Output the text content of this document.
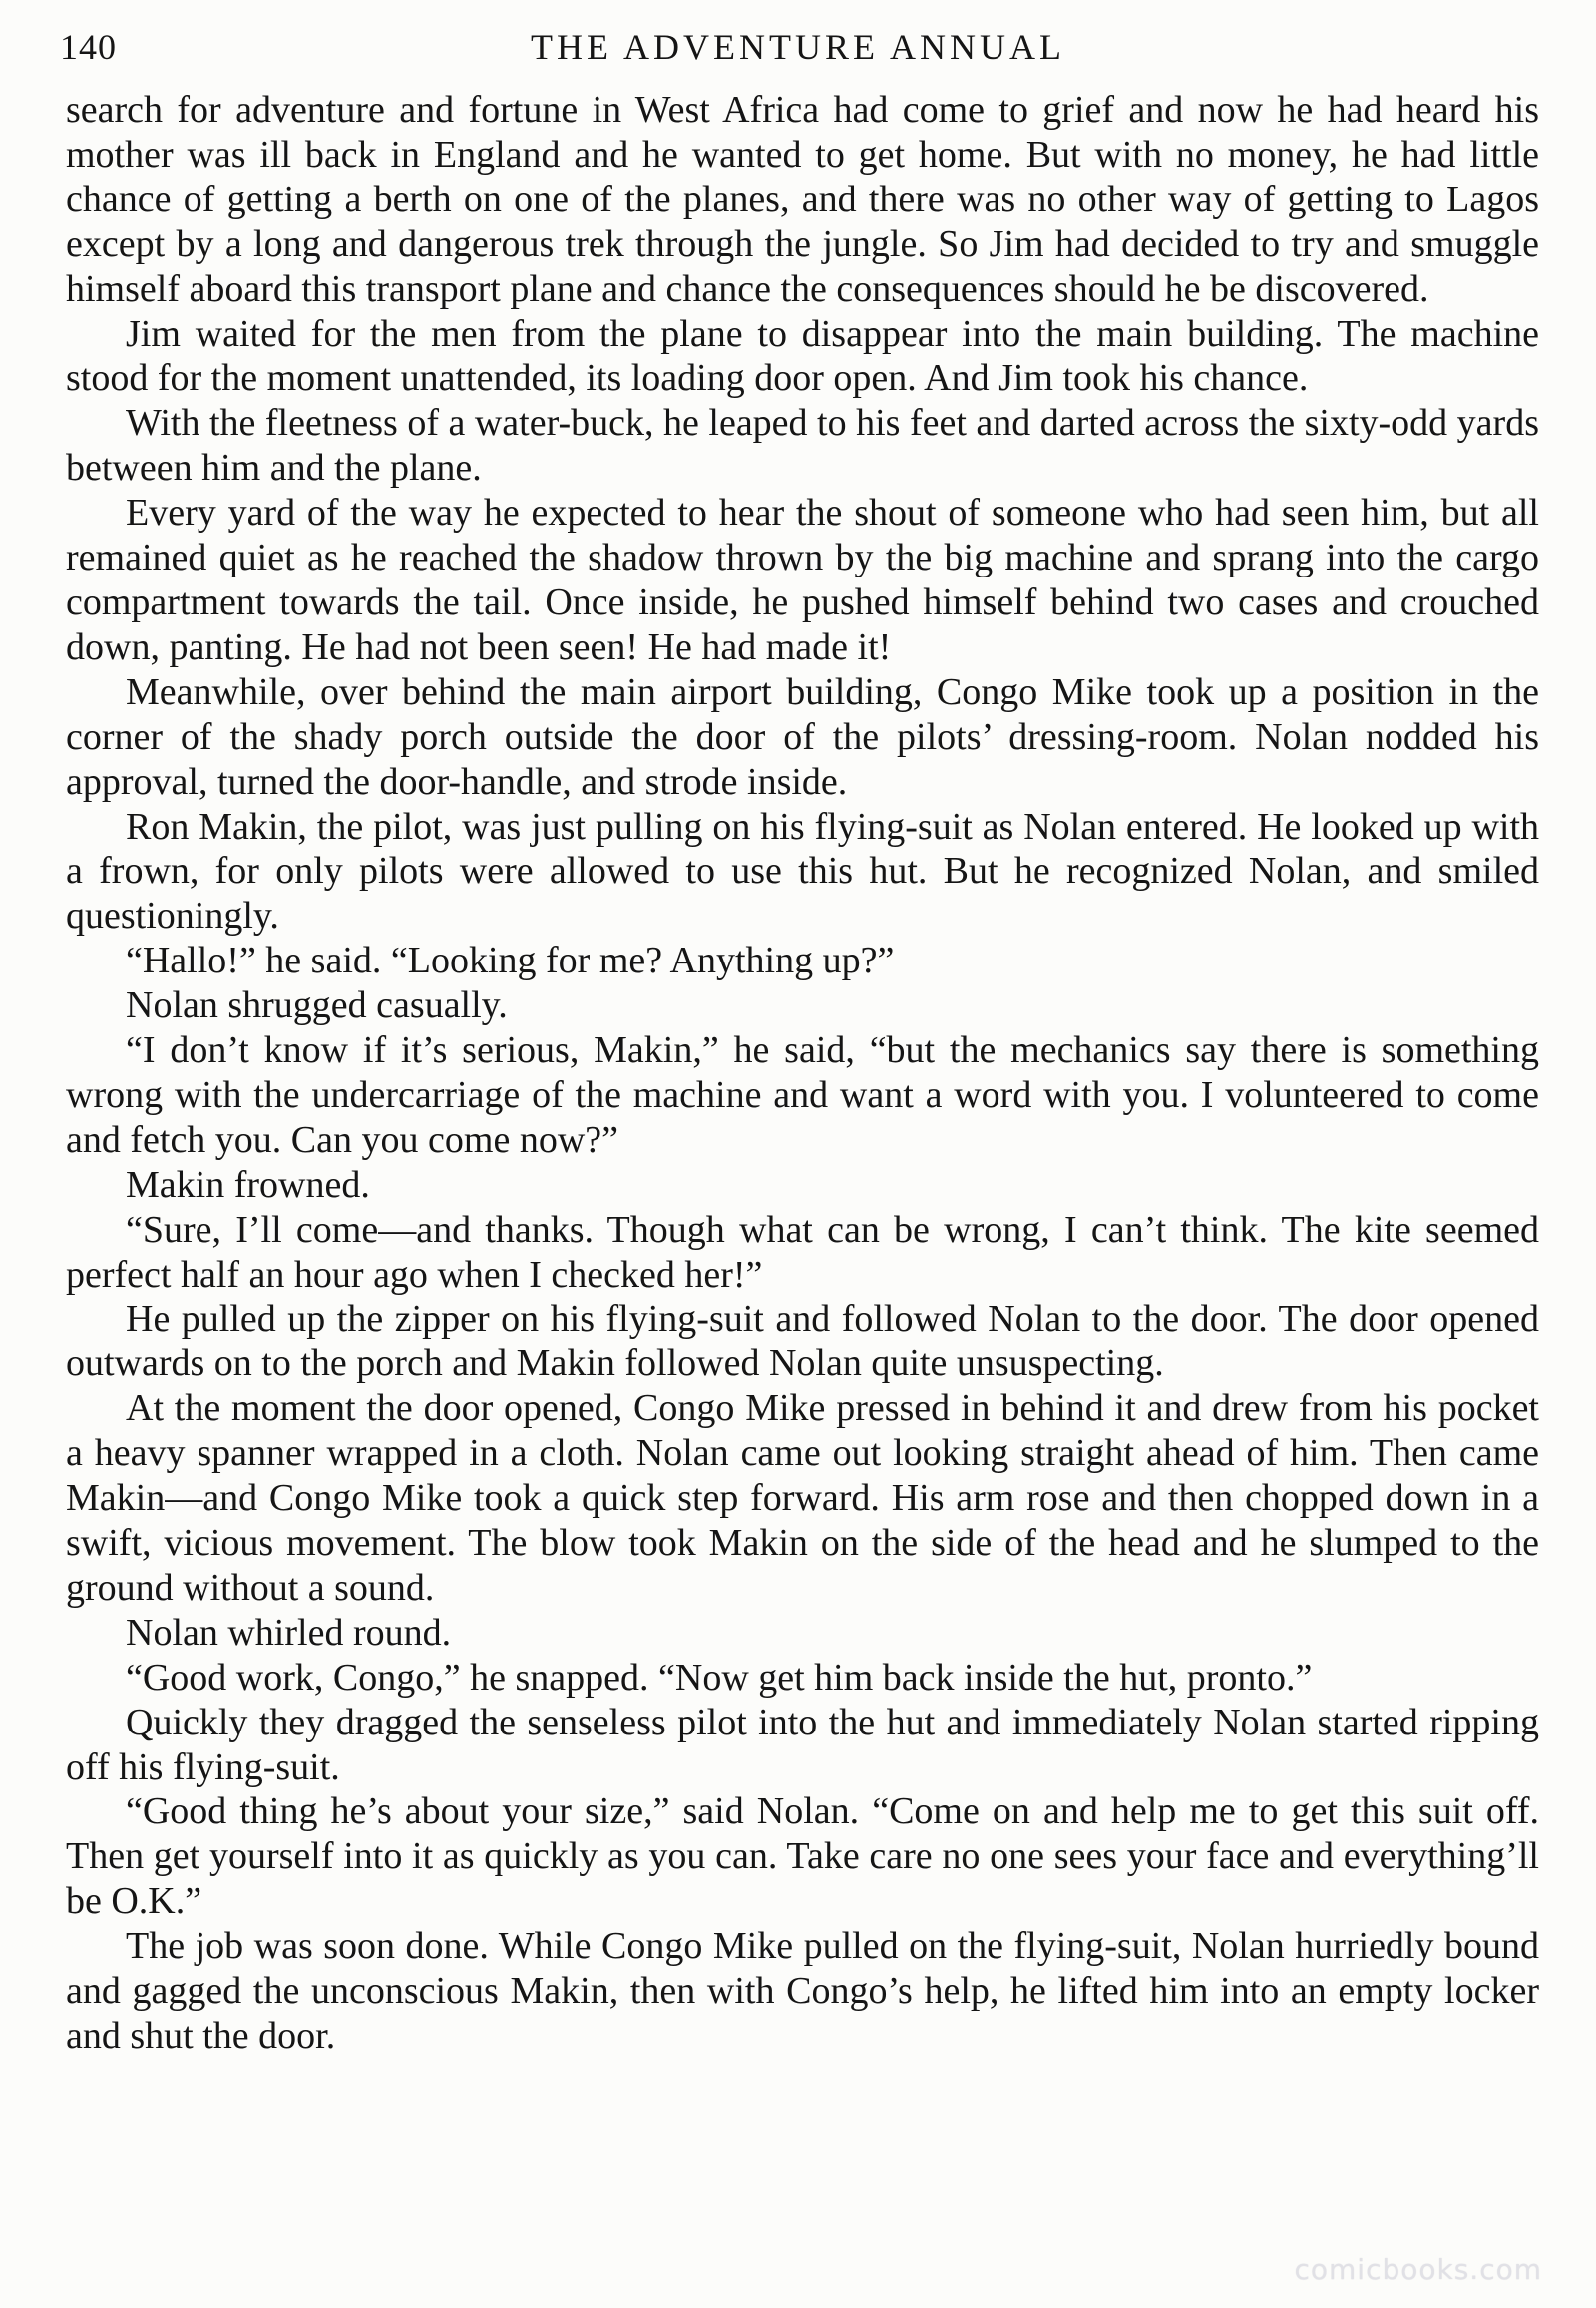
140	THE ADVENTURE ANNUAL

search for adventure and fortune in West Africa had come to grief and now he had heard his mother was ill back in England and he wanted to get home. But with no money, he had little chance of getting a berth on one of the planes, and there was no other way of getting to Lagos except by a long and dangerous trek through the jungle. So Jim had decided to try and smuggle himself aboard this transport plane and chance the consequences should he be discovered.

Jim waited for the men from the plane to disappear into the main building. The machine stood for the moment unattended, its loading door open. And Jim took his chance.

With the fleetness of a water-buck, he leaped to his feet and darted across the sixty-odd yards between him and the plane.

Every yard of the way he expected to hear the shout of someone who had seen him, but all remained quiet as he reached the shadow thrown by the big machine and sprang into the cargo compartment towards the tail. Once inside, he pushed himself behind two cases and crouched down, panting. He had not been seen! He had made it!

Meanwhile, over behind the main airport building, Congo Mike took up a position in the corner of the shady porch outside the door of the pilots’ dressing-room. Nolan nodded his approval, turned the door-handle, and strode inside.

Ron Makin, the pilot, was just pulling on his flying-suit as Nolan entered. He looked up with a frown, for only pilots were allowed to use this hut. But he recognized Nolan, and smiled questioningly.

“Hallo!” he said. “Looking for me? Anything up?”

Nolan shrugged casually.

“I don’t know if it’s serious, Makin,” he said, “but the mechanics say there is something wrong with the undercarriage of the machine and want a word with you. I volunteered to come and fetch you. Can you come now?”

Makin frowned.

“Sure, I’ll come—and thanks. Though what can be wrong, I can’t think. The kite seemed perfect half an hour ago when I checked her!”

He pulled up the zipper on his flying-suit and followed Nolan to the door. The door opened outwards on to the porch and Makin followed Nolan quite unsuspecting.

At the moment the door opened, Congo Mike pressed in behind it and drew from his pocket a heavy spanner wrapped in a cloth. Nolan came out looking straight ahead of him. Then came Makin—and Congo Mike took a quick step forward. His arm rose and then chopped down in a swift, vicious movement. The blow took Makin on the side of the head and he slumped to the ground without a sound.

Nolan whirled round.

“Good work, Congo,” he snapped. “Now get him back inside the hut, pronto.”

Quickly they dragged the senseless pilot into the hut and immediately Nolan started ripping off his flying-suit.

“Good thing he’s about your size,” said Nolan. “Come on and help me to get this suit off. Then get yourself into it as quickly as you can. Take care no one sees your face and everything’ll be O.K.”

The job was soon done. While Congo Mike pulled on the flying-suit, Nolan hurriedly bound and gagged the unconscious Makin, then with Congo’s help, he lifted him into an empty locker and shut the door.

comicbooks.com
